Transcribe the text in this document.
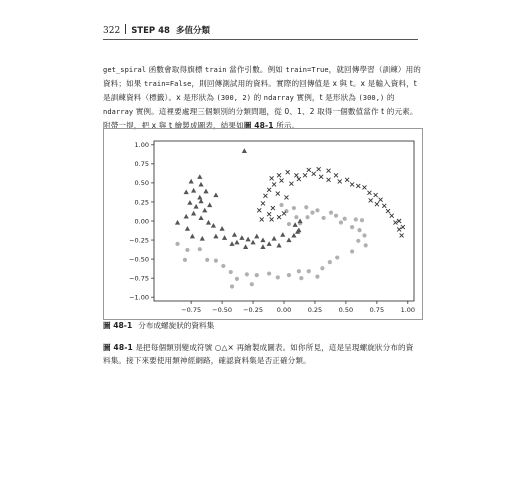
322 STEP 48 多值分類
get_spiral 函數會取得旗標 train 當作引數。例如 train=True，就回傳學習（訓練）用的資料；如果 train=False，則回傳測試用的資料。實際的回傳值是 x 與 t。x 是輸入資料，t 是訓練資料（標籤）。x 是形狀為 (300, 2) 的 ndarray 實例，t 是形狀為 (300,) 的 ndarray 實例。這裡要處理三個類別的分類問題，從 0、1、2 取得一個數值當作 t 的元素。附帶一提，把 x 與 t 繪製成圖表，結果如圖 48-1 所示。
−0.75 −0.50 −0.25 0.00	0.25	0.50	0.75	1.00
1.00
0.75
0.50
0.25
0.00
−0.25
−0.50
−0.75
−1.00
圖 48-1 分布成螺旋狀的資料集
圖 48-1 是把每個類別變成符號 ○△× 再繪製成圖表。如你所見，這是呈現螺旋狀分布的資料集。接下來要使用類神經網路，確認資料集是否正確分類。
